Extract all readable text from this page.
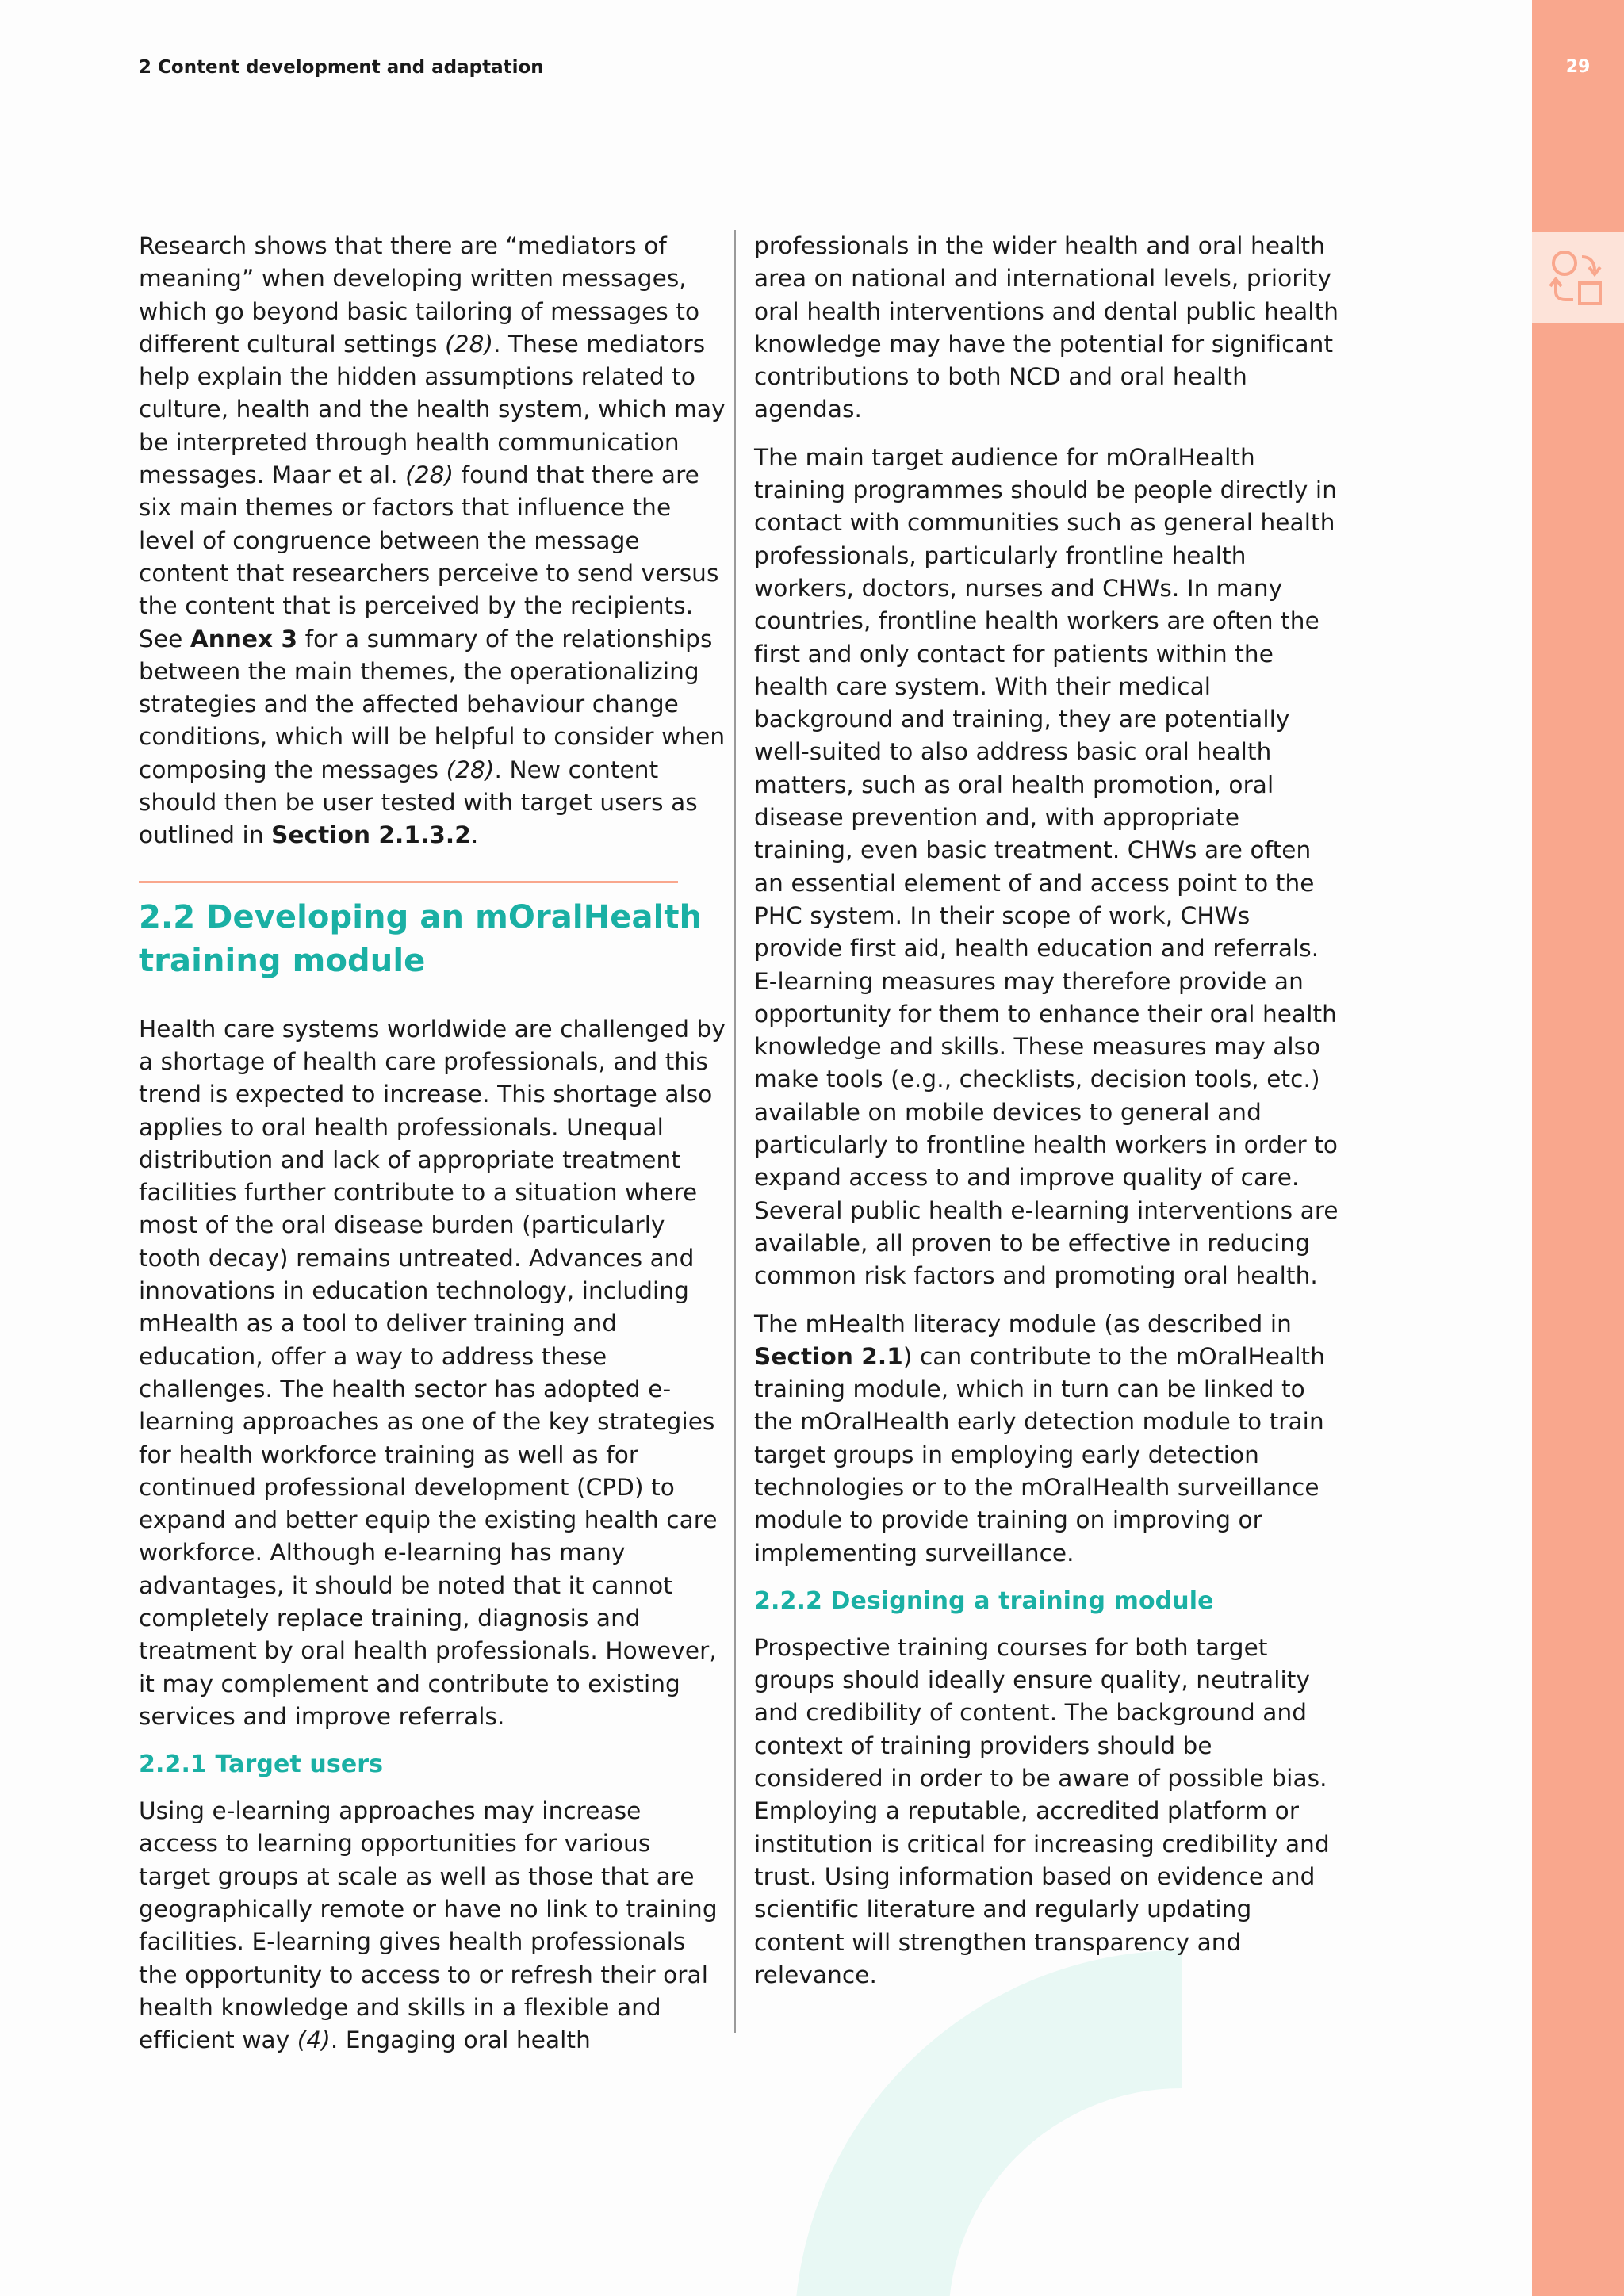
29
2 Content development and adaptation

Research shows that there are “mediators of meaning” when developing written messages, which go beyond basic tailoring of messages to different cultural settings (28). These mediators help explain the hidden assumptions related to culture, health and the health system, which may be interpreted through health communication messages. Maar et al. (28) found that there are six main themes or factors that influence the level of congruence between the message content that researchers perceive to send versus the content that is perceived by the recipients. See Annex 3 for a summary of the relationships between the main themes, the operationalizing strategies and the affected behaviour change conditions, which will be helpful to consider when composing the messages (28). New content should then be user tested with target users as outlined in Section 2.1.3.2.

2.2 Developing an mOralHealth training module

Health care systems worldwide are challenged by a shortage of health care professionals, and this trend is expected to increase. This shortage also applies to oral health professionals. Unequal distribution and lack of appropriate treatment facilities further contribute to a situation where most of the oral disease burden (particularly tooth decay) remains untreated. Advances and innovations in education technology, including mHealth as a tool to deliver training and education, offer a way to address these challenges. The health sector has adopted e-learning approaches as one of the key strategies for health workforce training as well as for continued professional development (CPD) to expand and better equip the existing health care workforce. Although e-learning has many advantages, it should be noted that it cannot completely replace training, diagnosis and treatment by oral health professionals. However, it may complement and contribute to existing services and improve referrals.

2.2.1 Target users

Using e-learning approaches may increase access to learning opportunities for various target groups at scale as well as those that are geographically remote or have no link to training facilities. E-learning gives health professionals the opportunity to access to or refresh their oral health knowledge and skills in a flexible and efficient way (4). Engaging oral health

professionals in the wider health and oral health area on national and international levels, priority oral health interventions and dental public health knowledge may have the potential for significant contributions to both NCD and oral health agendas.

The main target audience for mOralHealth training programmes should be people directly in contact with communities such as general health professionals, particularly frontline health workers, doctors, nurses and CHWs. In many countries, frontline health workers are often the first and only contact for patients within the health care system. With their medical background and training, they are potentially well-suited to also address basic oral health matters, such as oral health promotion, oral disease prevention and, with appropriate training, even basic treatment. CHWs are often an essential element of and access point to the PHC system. In their scope of work, CHWs provide first aid, health education and referrals. E-learning measures may therefore provide an opportunity for them to enhance their oral health knowledge and skills. These measures may also make tools (e.g., checklists, decision tools, etc.) available on mobile devices to general and particularly to frontline health workers in order to expand access to and improve quality of care. Several public health e-learning interventions are available, all proven to be effective in reducing common risk factors and promoting oral health.

The mHealth literacy module (as described in Section 2.1) can contribute to the mOralHealth training module, which in turn can be linked to the mOralHealth early detection module to train target groups in employing early detection technologies or to the mOralHealth surveillance module to provide training on improving or implementing surveillance.

2.2.2 Designing a training module

Prospective training courses for both target groups should ideally ensure quality, neutrality and credibility of content. The background and context of training providers should be considered in order to be aware of possible bias. Employing a reputable, accredited platform or institution is critical for increasing credibility and trust. Using information based on evidence and scientific literature and regularly updating content will strengthen transparency and relevance.
